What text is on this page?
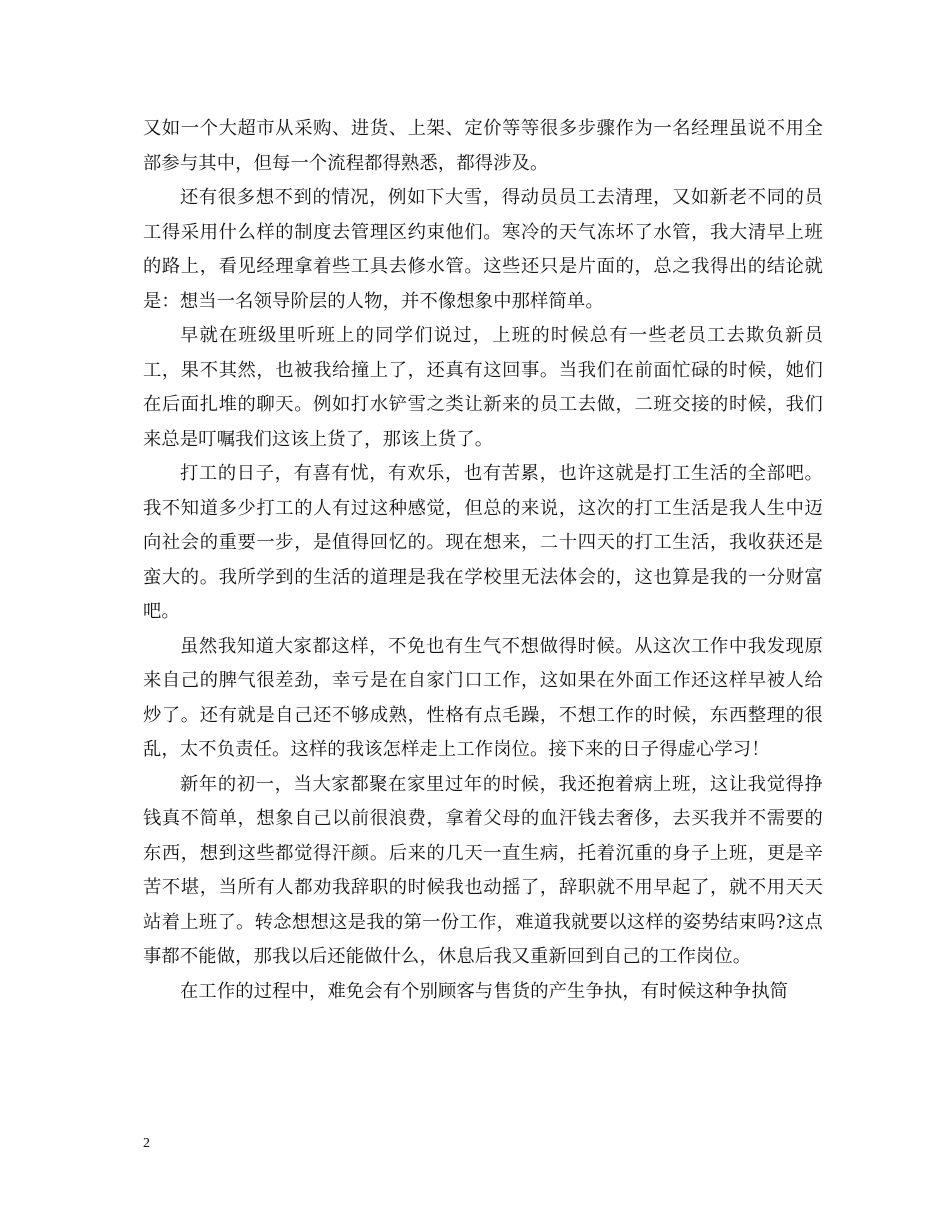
又如一个大超市从采购、进货、上架、定价等等很多步骤作为一名经理虽说不用全部参与其中，但每一个流程都得熟悉，都得涉及。

还有很多想不到的情况，例如下大雪，得动员员工去清理，又如新老不同的员工得采用什么样的制度去管理区约束他们。寒冷的天气冻坏了水管，我大清早上班的路上，看见经理拿着些工具去修水管。这些还只是片面的，总之我得出的结论就是：想当一名领导阶层的人物，并不像想象中那样简单。

早就在班级里听班上的同学们说过，上班的时候总有一些老员工去欺负新员工，果不其然，也被我给撞上了，还真有这回事。当我们在前面忙碌的时候，她们在后面扎堆的聊天。例如打水铲雪之类让新来的员工去做，二班交接的时候，我们来总是叮嘱我们这该上货了，那该上货了。

打工的日子，有喜有忧，有欢乐，也有苦累，也许这就是打工生活的全部吧。我不知道多少打工的人有过这种感觉，但总的来说，这次的打工生活是我人生中迈向社会的重要一步，是值得回忆的。现在想来，二十四天的打工生活，我收获还是蛮大的。我所学到的生活的道理是我在学校里无法体会的，这也算是我的一分财富吧。

虽然我知道大家都这样，不免也有生气不想做得时候。从这次工作中我发现原来自己的脾气很差劲，幸亏是在自家门口工作，这如果在外面工作还这样早被人给炒了。还有就是自己还不够成熟，性格有点毛躁，不想工作的时候，东西整理的很乱，太不负责任。这样的我该怎样走上工作岗位。接下来的日子得虚心学习！

新年的初一，当大家都聚在家里过年的时候，我还抱着病上班，这让我觉得挣钱真不简单，想象自己以前很浪费，拿着父母的血汗钱去奢侈，去买我并不需要的东西，想到这些都觉得汗颜。后来的几天一直生病，托着沉重的身子上班，更是辛苦不堪，当所有人都劝我辞职的时候我也动摇了，辞职就不用早起了，就不用天天站着上班了。转念想想这是我的第一份工作，难道我就要以这样的姿势结束吗?这点事都不能做，那我以后还能做什么，休息后我又重新回到自己的工作岗位。

在工作的过程中，难免会有个别顾客与售货的产生争执，有时候这种争执简

2
